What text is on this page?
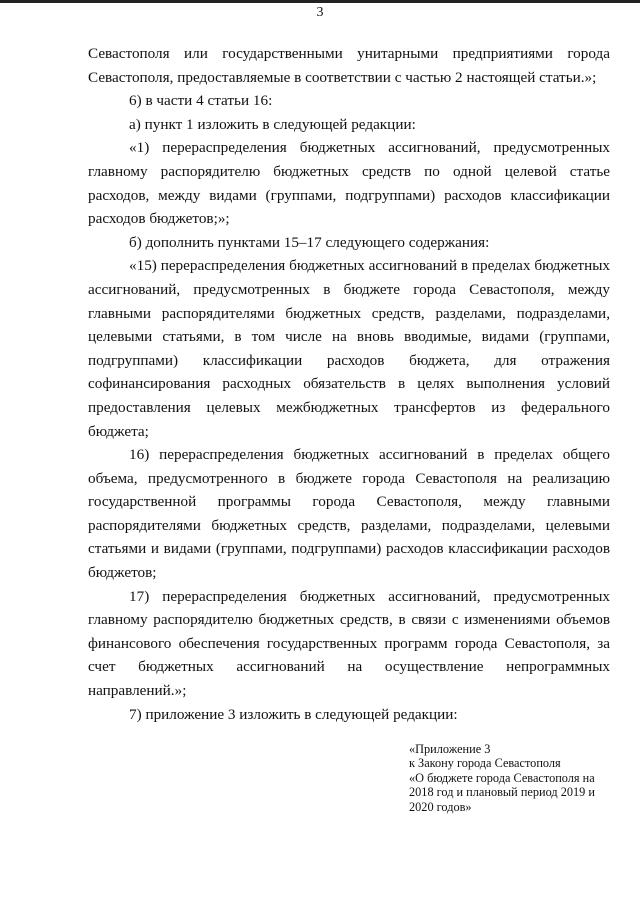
3

Севастополя или государственными унитарными предприятиями города Севастополя, предоставляемые в соответствии с частью 2 настоящей статьи.»;

6) в части 4 статьи 16:

а) пункт 1 изложить в следующей редакции:

«1) перераспределения бюджетных ассигнований, предусмотренных главному распорядителю бюджетных средств по одной целевой статье расходов, между видами (группами, подгруппами) расходов классификации расходов бюджетов;»;

б) дополнить пунктами 15–17 следующего содержания:

«15) перераспределения бюджетных ассигнований в пределах бюджетных ассигнований, предусмотренных в бюджете города Севастополя, между главными распорядителями бюджетных средств, разделами, подразделами, целевыми статьями, в том числе на вновь вводимые, видами (группами, подгруппами) классификации расходов бюджета, для отражения софинансирования расходных обязательств в целях выполнения условий предоставления целевых межбюджетных трансфертов из федерального бюджета;

16) перераспределения бюджетных ассигнований в пределах общего объема, предусмотренного в бюджете города Севастополя на реализацию государственной программы города Севастополя, между главными распорядителями бюджетных средств, разделами, подразделами, целевыми статьями и видами (группами, подгруппами) расходов классификации расходов бюджетов;

17) перераспределения бюджетных ассигнований, предусмотренных главному распорядителю бюджетных средств, в связи с изменениями объемов финансового обеспечения государственных программ города Севастополя, за счет бюджетных ассигнований на осуществление непрограммных направлений.»;

7) приложение 3 изложить в следующей редакции:

«Приложение 3
к Закону города Севастополя
«О бюджете города Севастополя на
2018 год и плановый период 2019 и
2020 годов»
